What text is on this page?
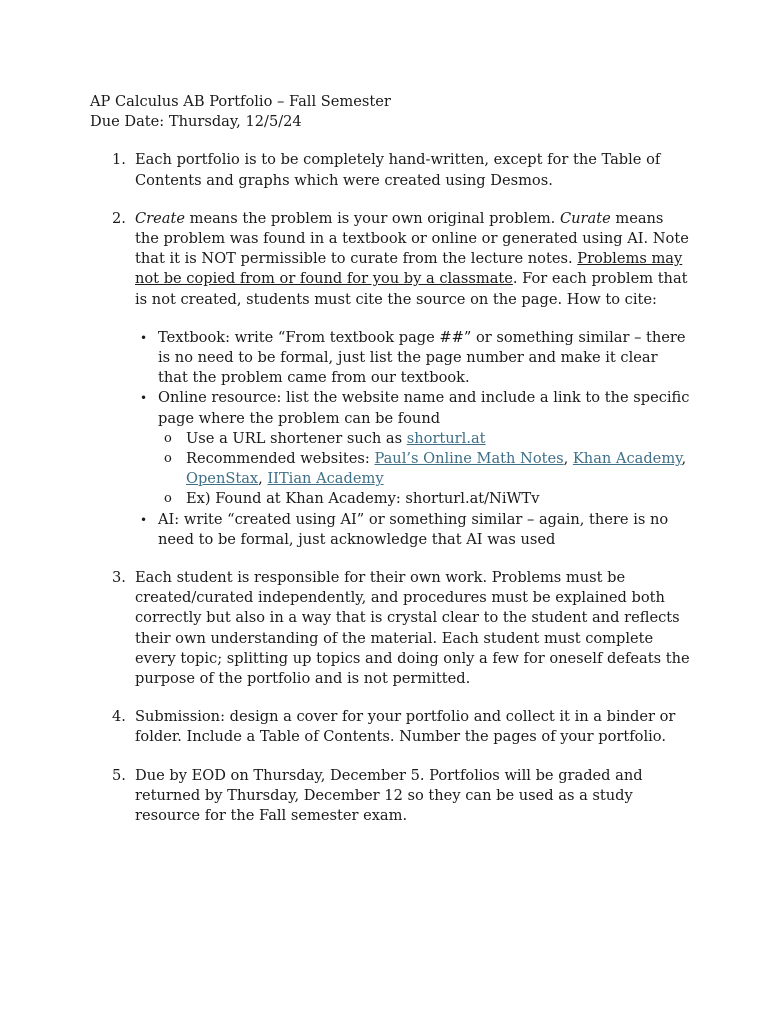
AP Calculus AB Portfolio – Fall Semester
Due Date: Thursday, 12/5/24
1. Each portfolio is to be completely hand-written, except for the Table of Contents and graphs which were created using Desmos.
2. Create means the problem is your own original problem. Curate means the problem was found in a textbook or online or generated using AI. Note that it is NOT permissible to curate from the lecture notes. Problems may not be copied from or found for you by a classmate. For each problem that is not created, students must cite the source on the page. How to cite:
• Textbook: write “From textbook page ##” or something similar – there is no need to be formal, just list the page number and make it clear that the problem came from our textbook.
• Online resource: list the website name and include a link to the specific page where the problem can be found
o Use a URL shortener such as shorturl.at
o Recommended websites: Paul’s Online Math Notes, Khan Academy, OpenStax, IITian Academy
o Ex) Found at Khan Academy: shorturl.at/NiWTv
• AI: write “created using AI” or something similar – again, there is no need to be formal, just acknowledge that AI was used
3. Each student is responsible for their own work. Problems must be created/curated independently, and procedures must be explained both correctly but also in a way that is crystal clear to the student and reflects their own understanding of the material. Each student must complete every topic; splitting up topics and doing only a few for oneself defeats the purpose of the portfolio and is not permitted.
4. Submission: design a cover for your portfolio and collect it in a binder or folder. Include a Table of Contents. Number the pages of your portfolio.
5. Due by EOD on Thursday, December 5. Portfolios will be graded and returned by Thursday, December 12 so they can be used as a study resource for the Fall semester exam.
